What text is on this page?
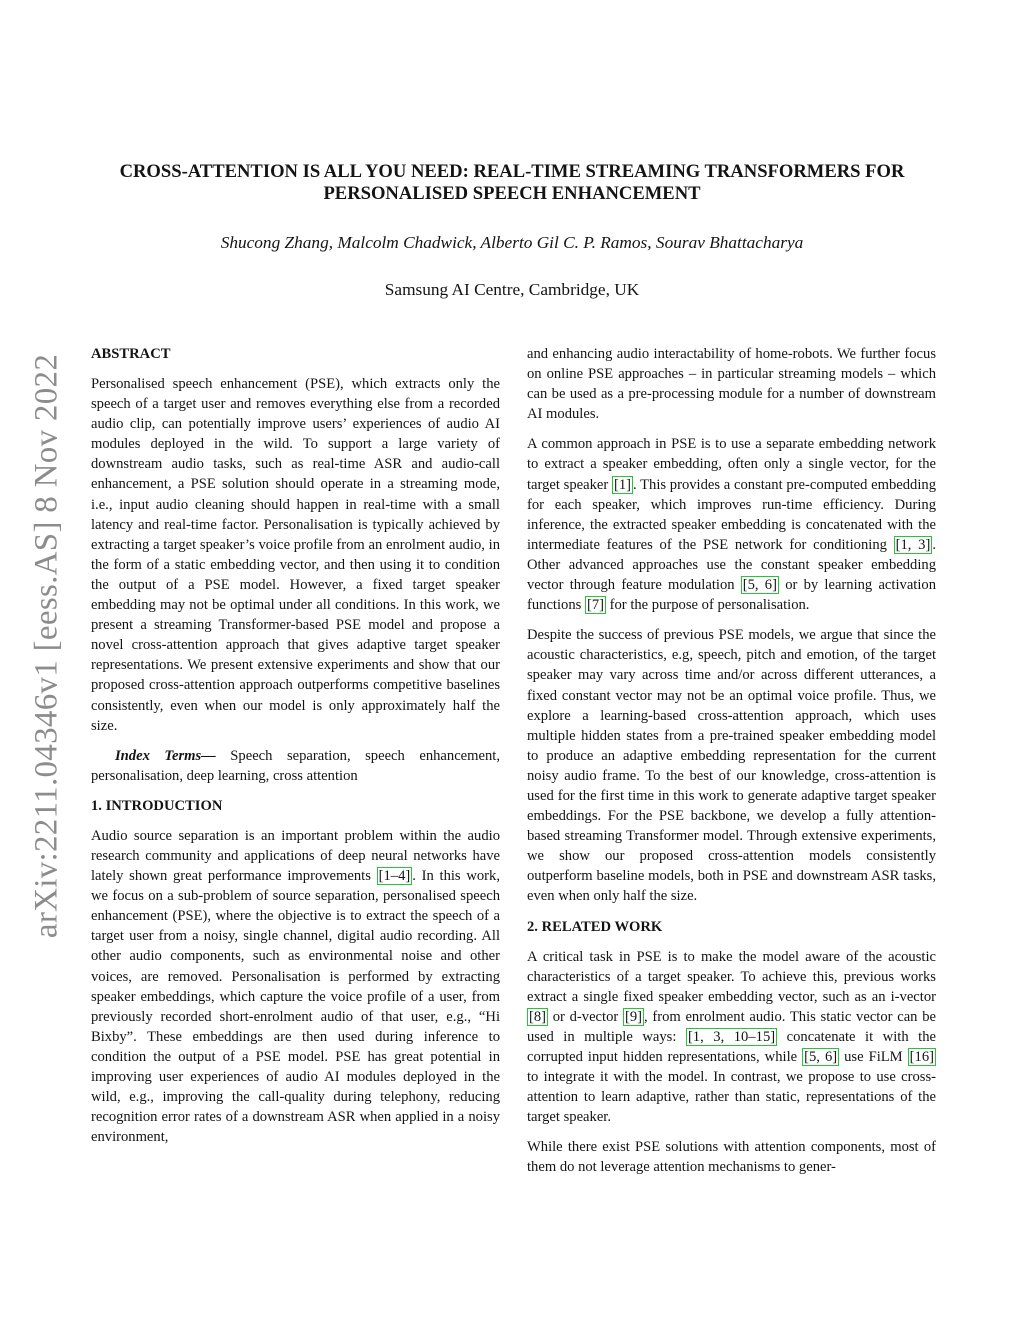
arXiv:2211.04346v1 [eess.AS] 8 Nov 2022
CROSS-ATTENTION IS ALL YOU NEED: REAL-TIME STREAMING TRANSFORMERS FOR
PERSONALISED SPEECH ENHANCEMENT

Shucong Zhang, Malcolm Chadwick, Alberto Gil C. P. Ramos, Sourav Bhattacharya

Samsung AI Centre, Cambridge, UK

ABSTRACT

Personalised speech enhancement (PSE), which extracts only the speech of a target user and removes everything else from a recorded audio clip, can potentially improve users’ experiences of audio AI modules deployed in the wild. To support a large variety of downstream audio tasks, such as real-time ASR and audio-call enhancement, a PSE solution should operate in a streaming mode, i.e., input audio cleaning should happen in real-time with a small latency and real-time factor. Personalisation is typically achieved by extracting a target speaker’s voice profile from an enrolment audio, in the form of a static embedding vector, and then using it to condition the output of a PSE model. However, a fixed target speaker embedding may not be optimal under all conditions. In this work, we present a streaming Transformer-based PSE model and propose a novel cross-attention approach that gives adaptive target speaker representations. We present extensive experiments and show that our proposed cross-attention approach outperforms competitive baselines consistently, even when our model is only approximately half the size.

Index Terms— Speech separation, speech enhancement, personalisation, deep learning, cross attention

1. INTRODUCTION

Audio source separation is an important problem within the audio research community and applications of deep neural networks have lately shown great performance improvements [1–4] . In this work, we focus on a sub-problem of source separation, personalised speech enhancement (PSE), where the objective is to extract the speech of a target user from a noisy, single channel, digital audio recording. All other audio components, such as environmental noise and other voices, are removed. Personalisation is performed by extracting speaker embeddings, which capture the voice profile of a user, from previously recorded short-enrolment audio of that user, e.g., “Hi Bixby”. These embeddings are then used during inference to condition the output of a PSE model. PSE has great potential in improving user experiences of audio AI modules deployed in the wild, e.g., improving the call-quality during telephony, reducing recognition error rates of a downstream ASR when applied in a noisy environment,

and enhancing audio interactability of home-robots. We further focus on online PSE approaches – in particular streaming models – which can be used as a pre-processing module for a number of downstream AI modules.

A common approach in PSE is to use a separate embedding network to extract a speaker embedding, often only a single vector, for the target speaker [1] . This provides a constant pre-computed embedding for each speaker, which improves run-time efficiency. During inference, the extracted speaker embedding is concatenated with the intermediate features of the PSE network for conditioning [1, 3] . Other advanced approaches use the constant speaker embedding vector through feature modulation [5, 6] or by learning activation functions [7] for the purpose of personalisation.

Despite the success of previous PSE models, we argue that since the acoustic characteristics, e.g, speech, pitch and emotion, of the target speaker may vary across time and/or across different utterances, a fixed constant vector may not be an optimal voice profile. Thus, we explore a learning-based cross-attention approach, which uses multiple hidden states from a pre-trained speaker embedding model to produce an adaptive embedding representation for the current noisy audio frame. To the best of our knowledge, cross-attention is used for the first time in this work to generate adaptive target speaker embeddings. For the PSE backbone, we develop a fully attention-based streaming Transformer model. Through extensive experiments, we show our proposed cross-attention models consistently outperform baseline models, both in PSE and downstream ASR tasks, even when only half the size.

2. RELATED WORK

A critical task in PSE is to make the model aware of the acoustic characteristics of a target speaker. To achieve this, previous works extract a single fixed speaker embedding vector, such as an i-vector [8] or d-vector [9] , from enrolment audio. This static vector can be used in multiple ways: [1, 3, 10–15] concatenate it with the corrupted input hidden representations, while [5, 6] use FiLM [16] to integrate it with the model. In contrast, we propose to use cross-attention to learn adaptive, rather than static, representations of the target speaker.

While there exist PSE solutions with attention components, most of them do not leverage attention mechanisms to gener-
